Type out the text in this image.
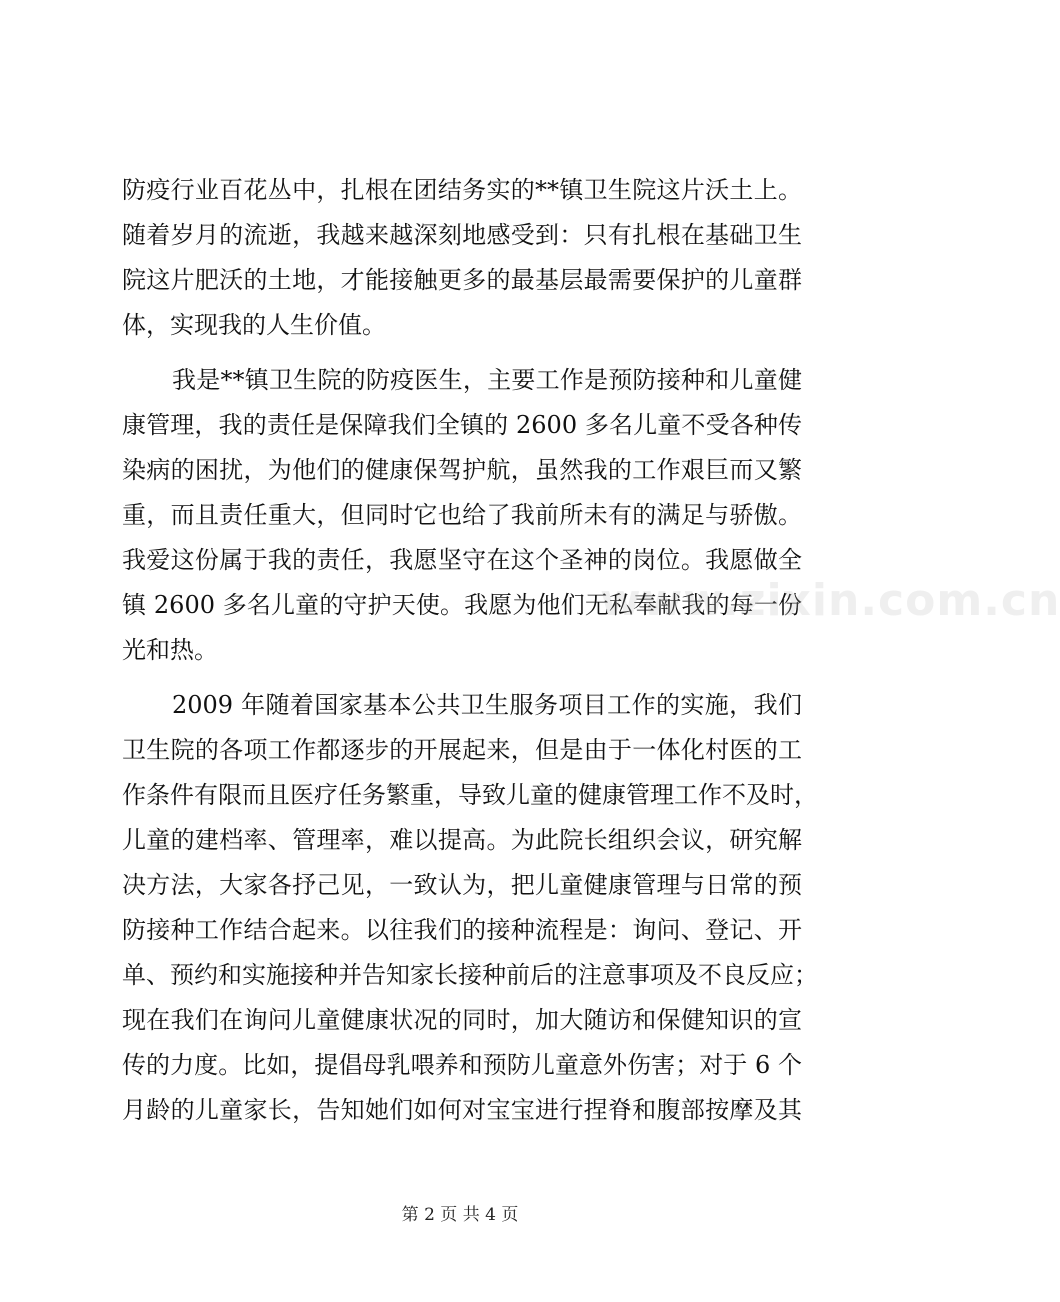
防疫行业百花丛中，扎根在团结务实的**镇卫生院这片沃土上。
随着岁月的流逝，我越来越深刻地感受到：只有扎根在基础卫生
院这片肥沃的土地，才能接触更多的最基层最需要保护的儿童群
体，实现我的人生价值。
我是**镇卫生院的防疫医生，主要工作是预防接种和儿童健
康管理，我的责任是保障我们全镇的 2600 多名儿童不受各种传
染病的困扰，为他们的健康保驾护航，虽然我的工作艰巨而又繁
重，而且责任重大，但同时它也给了我前所未有的满足与骄傲。
我爱这份属于我的责任，我愿坚守在这个圣神的岗位。我愿做全
镇 2600 多名儿童的守护天使。我愿为他们无私奉献我的每一份
光和热。
2009 年随着国家基本公共卫生服务项目工作的实施，我们
卫生院的各项工作都逐步的开展起来，但是由于一体化村医的工
作条件有限而且医疗任务繁重，导致儿童的健康管理工作不及时，
儿童的建档率、管理率，难以提高。为此院长组织会议，研究解
决方法，大家各抒己见，一致认为，把儿童健康管理与日常的预
防接种工作结合起来。以往我们的接种流程是：询问、登记、开
单、预约和实施接种并告知家长接种前后的注意事项及不良反应；
现在我们在询问儿童健康状况的同时，加大随访和保健知识的宣
传的力度。比如，提倡母乳喂养和预防儿童意外伤害；对于 6 个
月龄的儿童家长，告知她们如何对宝宝进行捏脊和腹部按摩及其
www.zixin.com.cn
第 2 页 共 4 页
